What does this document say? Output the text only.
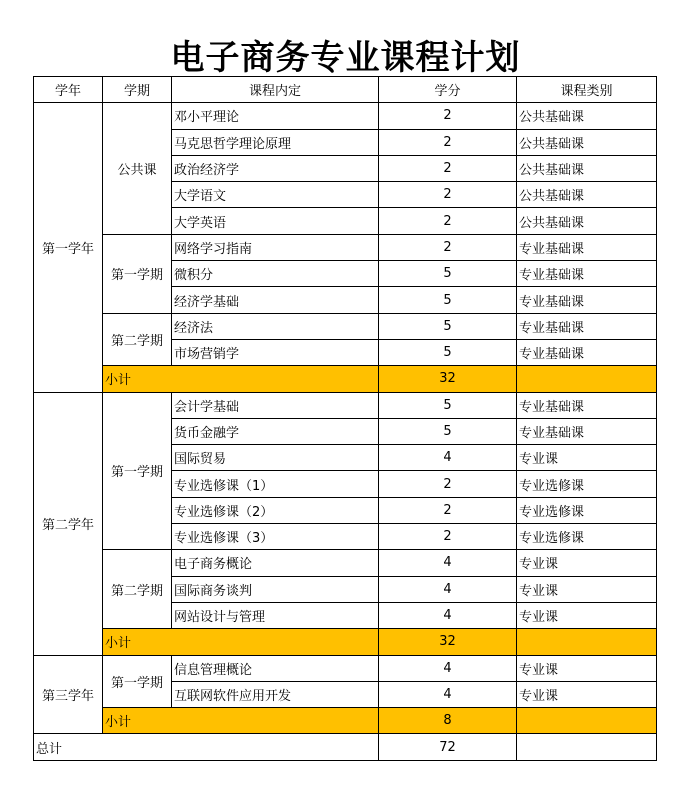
电子商务专业课程计划
学年	学期	课程内定	学分	课程类别
第一学年	公共课	邓小平理论	2	公共基础课
		马克思哲学理论原理	2	公共基础课
		政治经济学	2	公共基础课
		大学语文	2	公共基础课
		大学英语	2	公共基础课
	第一学期	网络学习指南	2	专业基础课
		微积分	5	专业基础课
		经济学基础	5	专业基础课
	第二学期	经济法	5	专业基础课
		市场营销学	5	专业基础课
	小计		32	
第二学年	第一学期	会计学基础	5	专业基础课
		货币金融学	5	专业基础课
		国际贸易	4	专业课
		专业选修课（1）	2	专业选修课
		专业选修课（2）	2	专业选修课
		专业选修课（3）	2	专业选修课
	第二学期	电子商务概论	4	专业课
		国际商务谈判	4	专业课
		网站设计与管理	4	专业课
	小计		32	
第三学年	第一学期	信息管理概论	4	专业课
		互联网软件应用开发	4	专业课
	小计		8	
总计			72	
